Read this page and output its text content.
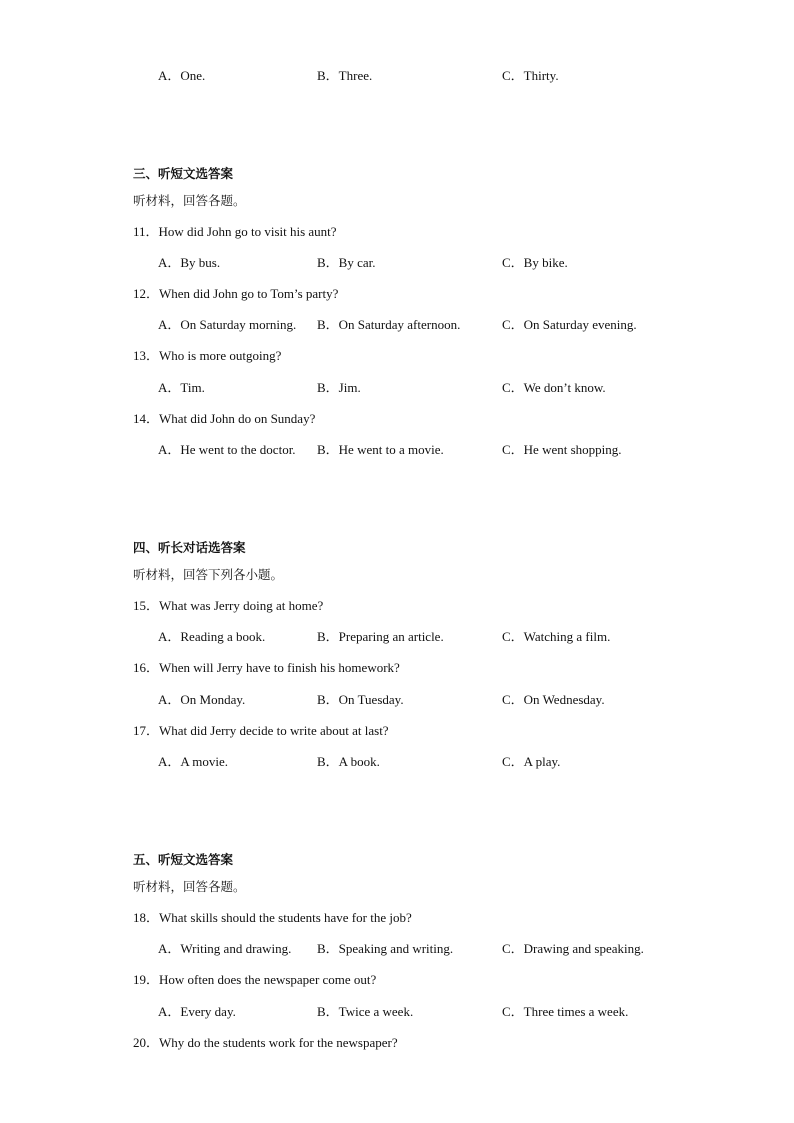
A．One.	B．Three.	C．Thirty.
三、听短文选答案
听材料，回答各题。
11．How did John go to visit his aunt?
A．By bus.	B．By car.	C．By bike.
12．When did John go to Tom’s party?
A．On Saturday morning. B．On Saturday afternoon.	C．On Saturday evening.
13．Who is more outgoing?
A．Tim.	B．Jim.	C．We don’t know.
14．What did John do on Sunday?
A．He went to the doctor. B．He went to a movie.	C．He went shopping.
四、听长对话选答案
听材料，回答下列各小题。
15．What was Jerry doing at home?
A．Reading a book.	B．Preparing an article.	C．Watching a film.
16．When will Jerry have to finish his homework?
A．On Monday.	B．On Tuesday.	C．On Wednesday.
17．What did Jerry decide to write about at last?
A．A movie.	B．A book.	C．A play.
五、听短文选答案
听材料，回答各题。
18．What skills should the students have for the job?
A．Writing and drawing. B．Speaking and writing.	C．Drawing and speaking.
19．How often does the newspaper come out?
A．Every day.	B．Twice a week.	C．Three times a week.
20．Why do the students work for the newspaper?
